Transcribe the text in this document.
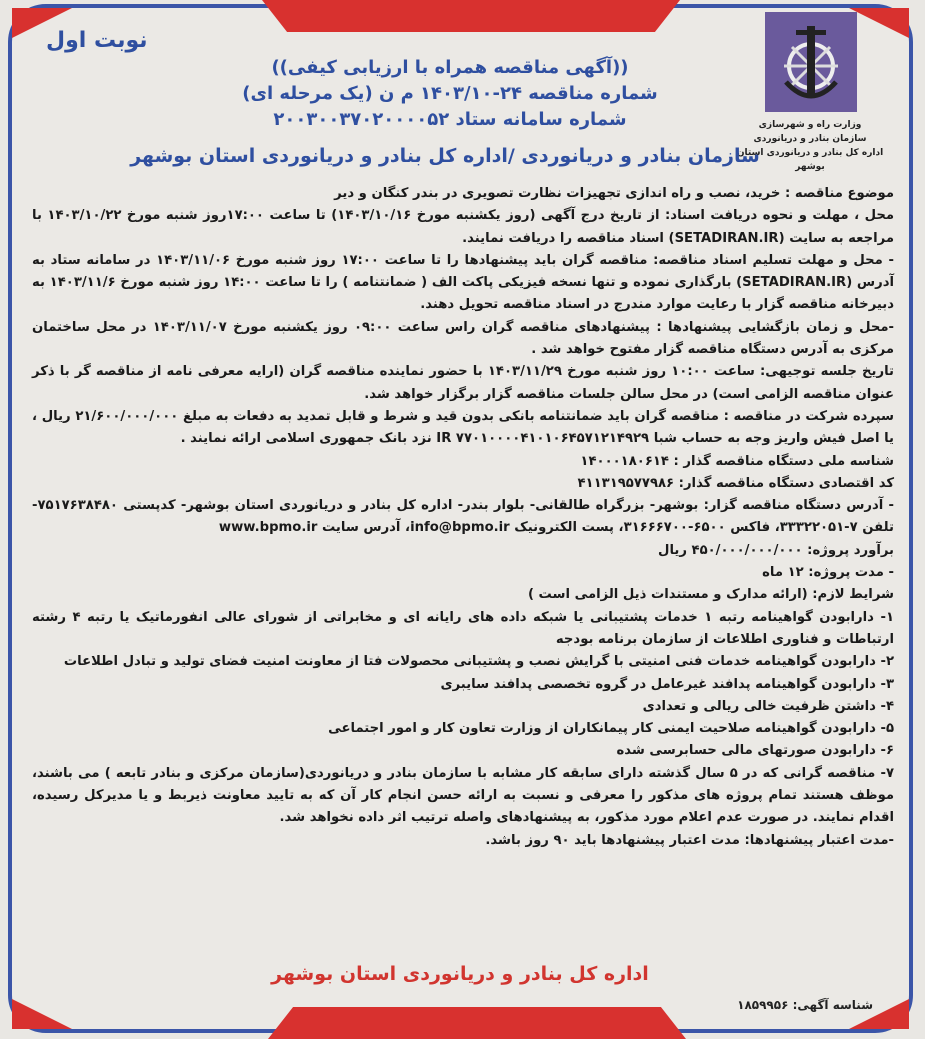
وزارت راه و شهرسازی
سازمان بنادر و دریانوردی
اداره کل بنادر و دریانوردی استان بوشهر
نوبت اول
((آگهی مناقصه همراه با ارزیابی کیفی))
شماره مناقصه ۲۴-۱۴۰۳/۱۰ م ن (یک مرحله ای)
شماره سامانه ستاد ۲۰۰۳۰۰۳۷۰۲۰۰۰۰۵۲
سازمان بنادر و دریانوردی /اداره کل بنادر و دریانوردی استان بوشهر

موضوع مناقصه : خرید، نصب و راه اندازی تجهیزات نظارت تصویری در بندر کنگان و دیر

محل ، مهلت و نحوه دریافت اسناد: از تاریخ درج آگهی (روز یکشنبه مورخ ۱۴۰۳/۱۰/۱۶) تا ساعت ۱۷:۰۰روز شنبه مورخ ۱۴۰۳/۱۰/۲۲ با مراجعه به سایت (SETADIRAN.IR) اسناد مناقصه را دریافت نمایند.

- محل و مهلت تسلیم اسناد مناقصه: مناقصه گران باید پیشنهادها را تا ساعت ۱۷:۰۰ روز شنبه مورخ ۱۴۰۳/۱۱/۰۶ در سامانه ستاد به آدرس (SETADIRAN.IR) بارگذاری نموده و تنها نسخه فیزیکی پاکت الف ( ضمانتنامه ) را تا ساعت ۱۴:۰۰ روز شنبه مورخ ۱۴۰۳/۱۱/۶ به دبیرخانه مناقصه گزار با رعایت موارد مندرج در اسناد مناقصه تحویل دهند.

-محل و زمان بازگشایی پیشنهادها : پیشنهادهای مناقصه گران راس ساعت ۰۹:۰۰ روز یکشنبه مورخ ۱۴۰۳/۱۱/۰۷ در محل ساختمان مرکزی به آدرس دستگاه مناقصه گزار مفتوح خواهد شد .

تاریخ جلسه توجیهی: ساعت ۱۰:۰۰ روز شنبه مورخ ۱۴۰۳/۱۱/۲۹ با حضور نماینده مناقصه گران (ارایه معرفی نامه از مناقصه گر با ذکر عنوان مناقصه الزامی است) در محل سالن جلسات مناقصه گزار برگزار خواهد شد.

سپرده شرکت در مناقصه : مناقصه گران باید ضمانتنامه بانکی بدون قید و شرط و قابل تمدید به دفعات به مبلغ ۲۱/۶۰۰/۰۰۰/۰۰۰ ریال ، یا اصل فیش واریز وجه به حساب شبا IR ۷۷۰۱۰۰۰۰۴۱۰۱۰۶۴۵۷۱۲۱۴۹۲۹ نزد بانک جمهوری اسلامی ارائه نمایند .

شناسه ملی دستگاه مناقصه گذار : ۱۴۰۰۰۱۸۰۶۱۴

کد اقتصادی دستگاه مناقصه گذار: ۴۱۱۳۱۹۵۷۷۹۸۶

- آدرس دستگاه مناقصه گزار: بوشهر- بزرگراه طالقانی- بلوار بندر- اداره کل بنادر و دریانوردی استان بوشهر- کدپستی ۷۵۱۷۶۳۸۴۸۰- تلفن ۷-۳۳۳۲۲۰۵۱، فاکس ۶۵۰۰-۳۱۶۶۶۷۰۰، پست الکترونیک info@bpmo.ir، آدرس سایت www.bpmo.ir

برآورد پروژه: ۴۵۰/۰۰۰/۰۰۰/۰۰۰ ریال

- مدت پروژه: ۱۲ ماه

شرایط لازم: (ارائه مدارک و مستندات ذیل الزامی است )

۱- دارابودن گواهینامه رتبه ۱ خدمات پشتیبانی یا شبکه داده های رایانه ای و مخابراتی از شورای عالی انفورماتیک یا رتبه ۴ رشته ارتباطات و فناوری اطلاعات از سازمان برنامه بودجه

۲- دارابودن گواهینامه خدمات فنی امنیتی با گرایش نصب و پشتیبانی محصولات فتا از معاونت امنیت فضای تولید و تبادل اطلاعات

۳- دارابودن گواهینامه پدافند غیرعامل در گروه تخصصی پدافند سایبری

۴- داشتن ظرفیت خالی ریالی و تعدادی

۵- دارابودن گواهینامه صلاحیت ایمنی کار پیمانکاران از وزارت تعاون کار و امور اجتماعی

۶- دارابودن صورتهای مالی حسابرسی شده

۷- مناقصه گرانی که در ۵ سال گذشته دارای سابقه کار مشابه با سازمان بنادر و دریانوردی(سازمان مرکزی و بنادر تابعه ) می باشند، موظف هستند تمام پروژه های مذکور را معرفی و نسبت به ارائه حسن انجام کار آن که به تایید معاونت ذیربط و یا مدیرکل رسیده، اقدام نمایند. در صورت عدم اعلام مورد مذکور، به پیشنهادهای واصله ترتیب اثر داده نخواهد شد.

-مدت اعتبار پیشنهادها: مدت اعتبار پیشنهادها باید ۹۰ روز باشد.

اداره کل بنادر و دریانوردی استان بوشهر
شناسه آگهی: ۱۸۵۹۹۵۶
